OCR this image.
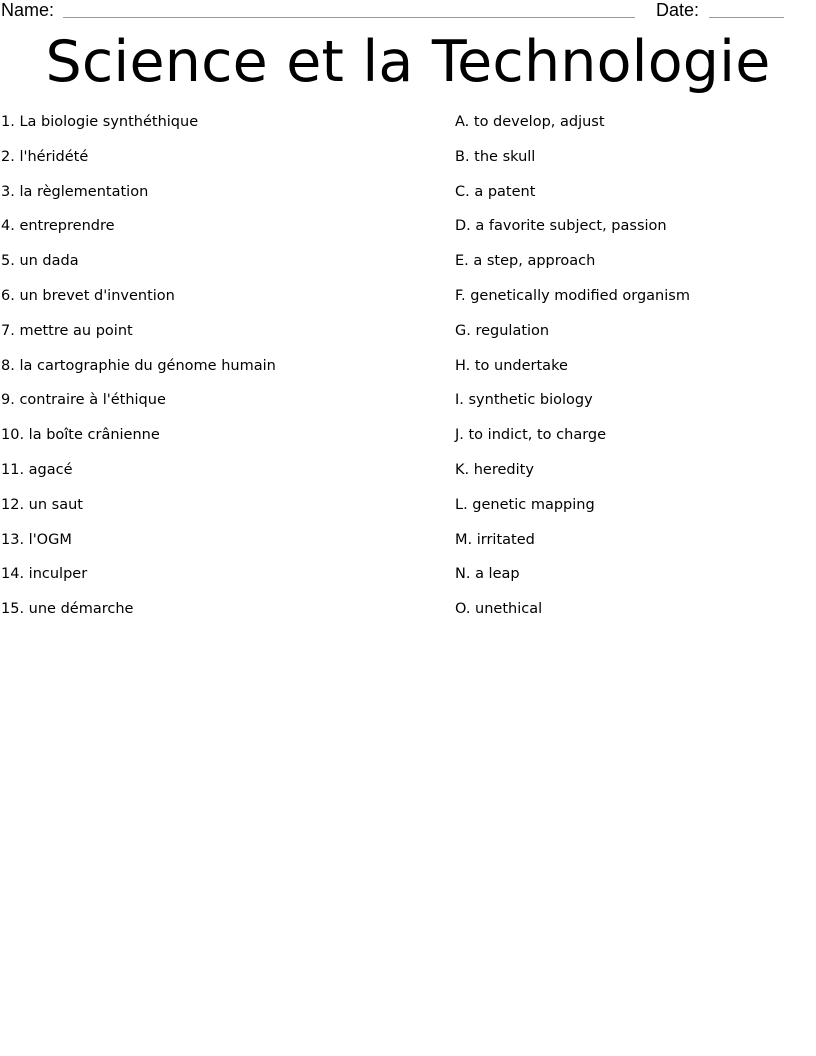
Name:	Date:
Science et la Technologie
1. La biologie synthéthique
2. l'héridété
3. la règlementation
4. entreprendre
5. un dada
6. un brevet d'invention
7. mettre au point
8. la cartographie du génome humain
9. contraire à l'éthique
10. la boîte crânienne
11. agacé
12. un saut
13. l'OGM
14. inculper
15. une démarche
A. to develop, adjust
B. the skull
C. a patent
D. a favorite subject, passion
E. a step, approach
F. genetically modified organism
G. regulation
H. to undertake
I. synthetic biology
J. to indict, to charge
K. heredity
L. genetic mapping
M. irritated
N. a leap
O. unethical
